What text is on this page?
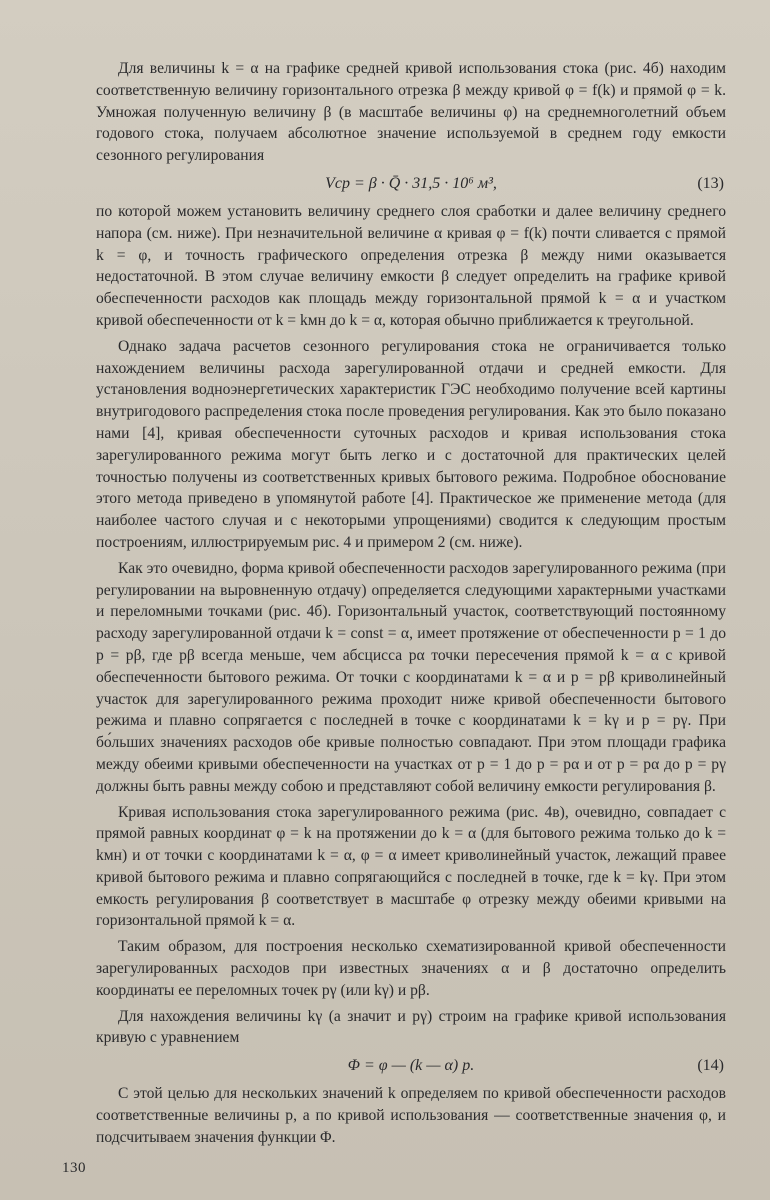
Для величины k = α на графике средней кривой использования стока (рис. 4б) находим соответственную величину горизонтального отрезка β между кривой φ = f(k) и прямой φ = k. Умножая полученную величину β (в масштабе величины φ) на среднемноголетний объем годового стока, получаем абсолютное значение используемой в среднем году емкости сезонного регулирования

Vср = β · Q̄ · 31,5 · 10⁶ м³,	(13)

по которой можем установить величину среднего слоя сработки и далее величину среднего напора (см. ниже). При незначительной величине α кривая φ = f(k) почти сливается с прямой k = φ, и точность графического определения отрезка β между ними оказывается недостаточной. В этом случае величину емкости β следует определить на графике кривой обеспеченности расходов как площадь между горизонтальной прямой k = α и участком кривой обеспеченности от k = kмн до k = α, которая обычно приближается к треугольной.

Однако задача расчетов сезонного регулирования стока не ограничивается только нахождением величины расхода зарегулированной отдачи и средней емкости. Для установления водноэнергетических характеристик ГЭС необходимо получение всей картины внутригодового распределения стока после проведения регулирования. Как это было показано нами [4], кривая обеспеченности суточных расходов и кривая использования стока зарегулированного режима могут быть легко и с достаточной для практических целей точностью получены из соответственных кривых бытового режима. Подробное обоснование этого метода приведено в упомянутой работе [4]. Практическое же применение метода (для наиболее частого случая и с некоторыми упрощениями) сводится к следующим простым построениям, иллюстрируемым рис. 4 и примером 2 (см. ниже).

Как это очевидно, форма кривой обеспеченности расходов зарегулированного режима (при регулировании на выровненную отдачу) определяется следующими характерными участками и переломными точками (рис. 4б). Горизонтальный участок, соответствующий постоянному расходу зарегулированной отдачи k = const = α, имеет протяжение от обеспеченности p = 1 до p = pβ, где pβ всегда меньше, чем абсцисса pα точки пересечения прямой k = α с кривой обеспеченности бытового режима. От точки с координатами k = α и p = pβ криволинейный участок для зарегулированного режима проходит ниже кривой обеспеченности бытового режима и плавно сопрягается с последней в точке с координатами k = kγ и p = pγ. При бо́льших значениях расходов обе кривые полностью совпадают. При этом площади графика между обеими кривыми обеспеченности на участках от p = 1 до p = pα и от p = pα до p = pγ должны быть равны между собою и представляют собой величину емкости регулирования β.

Кривая использования стока зарегулированного режима (рис. 4в), очевидно, совпадает с прямой равных координат φ = k на протяжении до k = α (для бытового режима только до k = kмн) и от точки с координатами k = α, φ = α имеет криволинейный участок, лежащий правее кривой бытового режима и плавно сопрягающийся с последней в точке, где k = kγ. При этом емкость регулирования β соответствует в масштабе φ отрезку между обеими кривыми на горизонтальной прямой k = α.

Таким образом, для построения несколько схематизированной кривой обеспеченности зарегулированных расходов при известных значениях α и β достаточно определить координаты ее переломных точек pγ (или kγ) и pβ.

Для нахождения величины kγ (а значит и pγ) строим на графике кривой использования кривую с уравнением

Φ = φ — (k — α) p.	(14)

С этой целью для нескольких значений k определяем по кривой обеспеченности расходов соответственные величины p, а по кривой использования — соответственные значения φ, и подсчитываем значения функции Φ.

130
